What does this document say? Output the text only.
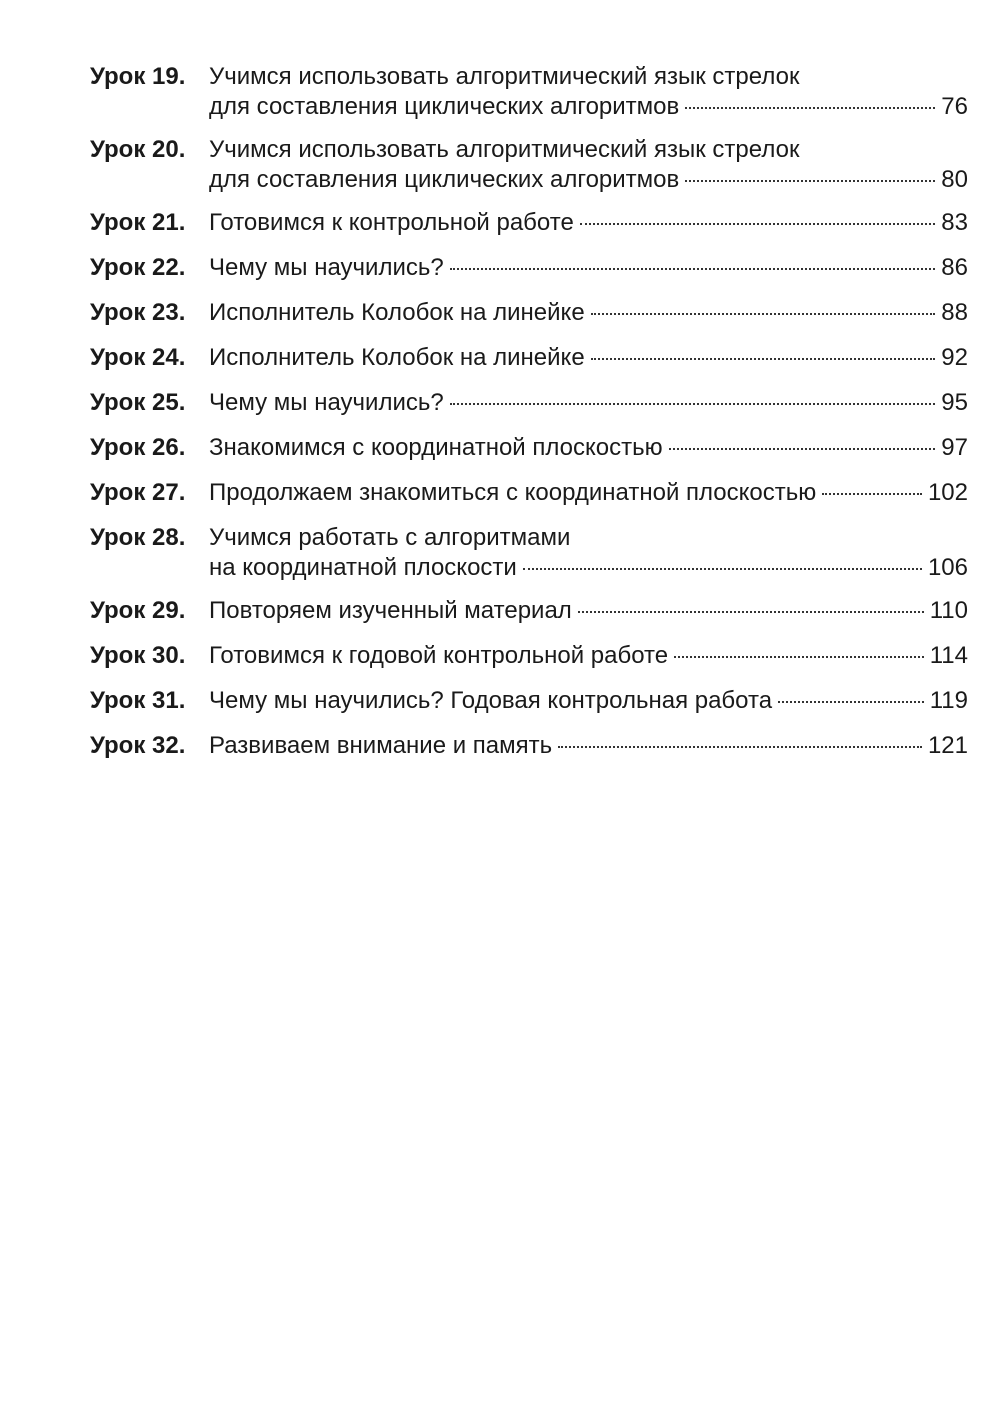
Урок 19. Учимся использовать алгоритмический язык стрелок
для составления циклических алгоритмов	76
Урок 20. Учимся использовать алгоритмический язык стрелок
для составления циклических алгоритмов	80
Урок 21. Готовимся к контрольной работе	83
Урок 22. Чему мы научились?	86
Урок 23. Исполнитель Колобок на линейке	88
Урок 24. Исполнитель Колобок на линейке	92
Урок 25. Чему мы научились?	95
Урок 26. Знакомимся с координатной плоскостью	97
Урок 27. Продолжаем знакомиться с координатной плоскостью	102
Урок 28. Учимся работать с алгоритмами
на координатной плоскости	106
Урок 29. Повторяем изученный материал	110
Урок 30. Готовимся к годовой контрольной работе	114
Урок 31. Чему мы научились? Годовая контрольная работа	119
Урок 32. Развиваем внимание и память	121
